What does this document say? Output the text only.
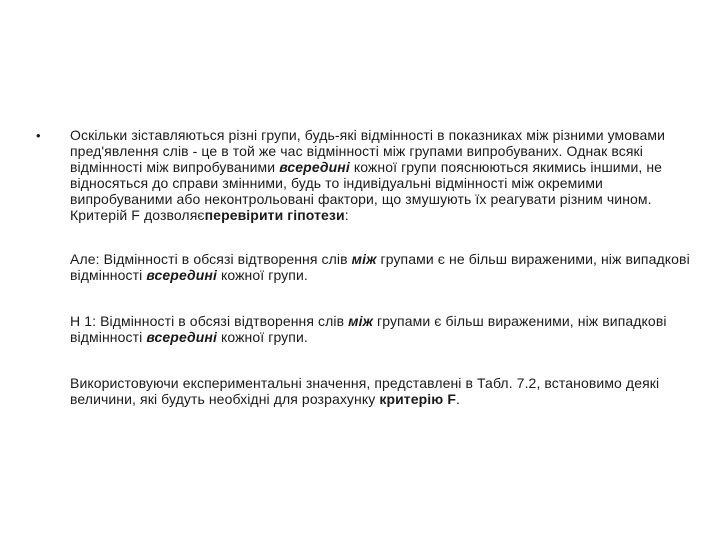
• Оскільки зіставляються різні групи, будь-які відмінності в показниках між різними умовами пред'явлення слів - це в той же час відмінності між групами випробуваних. Однак всякі відмінності між випробуваними всередині кожної групи пояснюються якимись іншими, не відносяться до справи змінними, будь то індивідуальні відмінності між окремими випробуваними або неконтрольовані фактори, що змушують їх реагувати різним чином. Критерій F дозволяєперевірити гіпотези:
Але: Відмінності в обсязі відтворення слів між групами є не більш вираженими, ніж випадкові відмінності всередині кожної групи.
Н 1: Відмінності в обсязі відтворення слів між групами є більш вираженими, ніж випадкові відмінності всередині кожної групи.
Використовуючи експериментальні значення, представлені в Табл. 7.2, встановимо деякі величини, які будуть необхідні для розрахунку критерію F.
